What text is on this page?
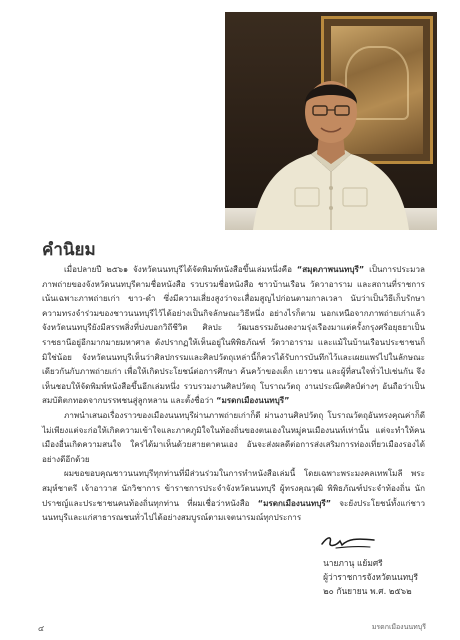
คำนิยม

เมื่อปลายปี ๒๕๖๑ จังหวัดนนทบุรีได้จัดพิมพ์หนังสือขึ้นเล่มหนึ่งคือ “สมุดภาพนนทบุรี” เป็นการประมวลภาพถ่ายของจังหวัดนนทบุรีตามชื่อหนังสือ รวบรวมชื่อหนังสือ ชาวบ้านเรือน วัดวาอาราม และสถานที่ราชการ เน้นเฉพาะภาพถ่ายเก่า ขาว-ดำ ซึ่งมีความเสี่ยงสูงว่าจะเสื่อมสูญไปก่อนตามกาลเวลา นับว่าเป็นวิธีเก็บรักษาความทรงจำร่วมของชาวนนทบุรีไว้ได้อย่างเป็นกิจลักษณะวิธีหนึ่ง อย่างไรก็ตาม นอกเหนือจากภาพถ่ายเก่าแล้ว จังหวัดนนทบุรียังมีสรรพสิ่งที่บ่งบอกวิถีชีวิต ศิลปะ วัฒนธรรมอันงดงามรุ่งเรืองมาแต่ครั้งกรุงศรีอยุธยาเป็นราชธานีอยู่อีกมากมายมหาศาล ดังปรากฏให้เห็นอยู่ในพิพิธภัณฑ์ วัดวาอาราม และแม้ในบ้านเรือนประชาชนก็มิใช่น้อย จังหวัดนนทบุรีเห็นว่าศิลปกรรมและศิลปวัตถุเหล่านี้ก็ควรได้รับการบันทึกไว้และเผยแพร่ไปในลักษณะเดียวกันกับภาพถ่ายเก่า เพื่อให้เกิดประโยชน์ต่อการศึกษา ค้นคว้าของเด็ก เยาวชน และผู้ที่สนใจทั่วไปเช่นกัน จึงเห็นชอบให้จัดพิมพ์หนังสือขึ้นอีกเล่มหนึ่ง รวบรวมงานศิลปวัตถุ โบราณวัตถุ งานประณีตศิลป์ต่างๆ อันถือว่าเป็นสมบัติตกทอดจากบรรพชนสู่ลูกหลาน และตั้งชื่อว่า “มรดกเมืองนนทบุรี”

ภาพนำเสนอเรื่องราวของเมืองนนทบุรีผ่านภาพถ่ายเก่าก็ดี ผ่านงานศิลปวัตถุ โบราณวัตถุอันทรงคุณค่าก็ดี ไม่เพียงแต่จะก่อให้เกิดความเข้าใจและภาคภูมิใจในท้องถิ่นของตนเองในหมู่คนเมืองนนท์เท่านั้น แต่จะทำให้คนเมืองอื่นเกิดความสนใจ ใคร่ได้มาเห็นด้วยสายตาตนเอง อันจะส่งผลดีต่อการส่งเสริมการท่องเที่ยวเมืองรองได้อย่างดีอีกด้วย

ผมขอขอบคุณชาวนนทบุรีทุกท่านที่มีส่วนร่วมในการทำหนังสือเล่มนี้ โดยเฉพาะพระมงคลเทพโมลี พระสมุห์ชาตรี เจ้าอาวาส นักวิชาการ ข้าราชการประจำจังหวัดนนทบุรี ผู้ทรงคุณวุฒิ พิพิธภัณฑ์ประจำท้องถิ่น นักปราชญ์และประชาชนคนท้องถิ่นทุกท่าน ที่ผมเชื่อว่าหนังสือ “มรดกเมืองนนทบุรี” จะยังประโยชน์ทั้งแก่ชาวนนทบุรีและแก่สาธารณชนทั่วไปได้อย่างสมบูรณ์ตามเจตนารมณ์ทุกประการ

นายภานุ แย้มศรี
ผู้ว่าราชการจังหวัดนนทบุรี
๒๐ กันยายน พ.ศ. ๒๕๖๒
๔	มรดกเมืองนนทบุรี
